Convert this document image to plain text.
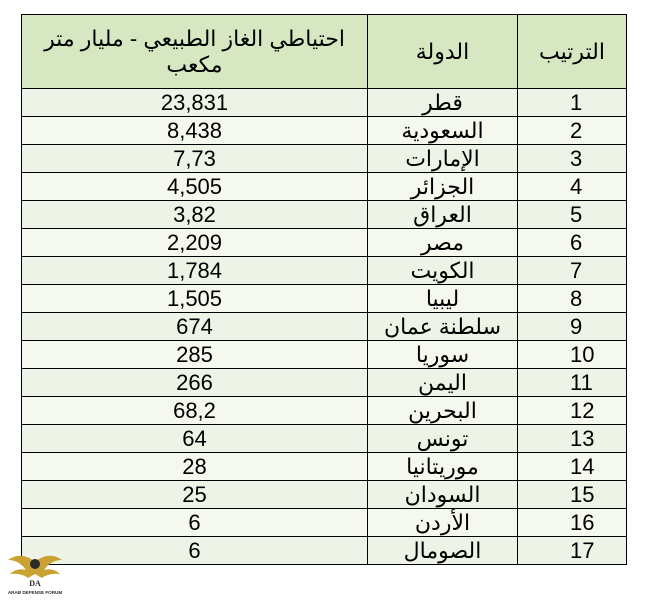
احتياطي الغاز الطبيعي - مليار متر مكعب	الدولة	الترتيب
23,831	قطر	1
8,438	السعودية	2
7,73	الإمارات	3
4,505	الجزائر	4
3,82	العراق	5
2,209	مصر	6
1,784	الكويت	7
1,505	ليبيا	8
674	سلطنة عمان	9
285	سوريا	10
266	اليمن	11
68,2	البحرين	12
64	تونس	13
28	موريتانيا	14
25	السودان	15
6	الأردن	16
6	الصومال	17
DA
ARAB DEFENSE FORUM
